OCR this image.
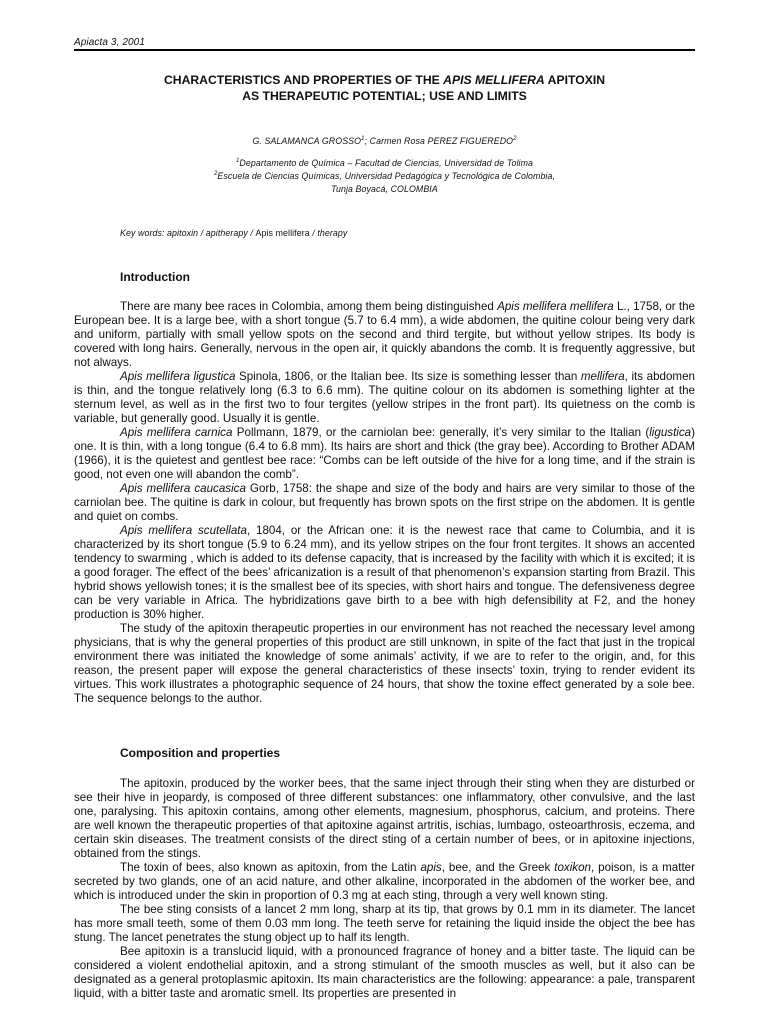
Apiacta 3, 2001
CHARACTERISTICS AND PROPERTIES OF THE APIS MELLIFERA APITOXIN
AS THERAPEUTIC POTENTIAL; USE AND LIMITS
G. SALAMANCA GROSSO$^1$; Carmen Rosa PEREZ FIGUEREDO$^2$
$^1$Departamento de Química – Facultad de Ciencias, Universidad de Tolima
$^2$Escuela de Ciencias Químicas, Universidad Pedagógica y Tecnológica de Colombia,
Tunja Boyacá, COLOMBIA
Key words: apitoxin / apitherapy / Apis mellifera / therapy
Introduction

There are many bee races in Colombia, among them being distinguished Apis mellifera mellifera L., 1758, or the European bee. It is a large bee, with a short tongue (5.7 to 6.4 mm), a wide abdomen, the quitine colour being very dark and uniform, partially with small yellow spots on the second and third tergite, but without yellow stripes. Its body is covered with long hairs. Generally, nervous in the open air, it quickly abandons the comb. It is frequently aggressive, but not always.

Apis mellifera ligustica Spinola, 1806, or the Italian bee. Its size is something lesser than mellifera, its abdomen is thin, and the tongue relatively long (6.3 to 6.6 mm). The quitine colour on its abdomen is something lighter at the sternum level, as well as in the first two to four tergites (yellow stripes in the front part). Its quietness on the comb is variable, but generally good. Usually it is gentle.

Apis mellifera carnica Pollmann, 1879, or the carniolan bee: generally, it’s very similar to the Italian (ligustica) one. It is thin, with a long tongue (6.4 to 6.8 mm). Its hairs are short and thick (the gray bee). According to Brother ADAM (1966), it is the quietest and gentlest bee race: “Combs can be left outside of the hive for a long time, and if the strain is good, not even one will abandon the comb”.

Apis mellifera caucasica Gorb, 1758: the shape and size of the body and hairs are very similar to those of the carniolan bee. The quitine is dark in colour, but frequently has brown spots on the first stripe on the abdomen. It is gentle and quiet on combs.

Apis mellifera scutellata, 1804, or the African one: it is the newest race that came to Columbia, and it is characterized by its short tongue (5.9 to 6.24 mm), and its yellow stripes on the four front tergites. It shows an accented tendency to swarming , which is added to its defense capacity, that is increased by the facility with which it is excited; it is a good forager. The effect of the bees’ africanization is a result of that phenomenon’s expansion starting from Brazil. This hybrid shows yellowish tones; it is the smallest bee of its species, with short hairs and tongue. The defensiveness degree can be very variable in Africa. The hybridizations gave birth to a bee with high defensibility at F2, and the honey production is 30% higher.

The study of the apitoxin therapeutic properties in our environment has not reached the necessary level among physicians, that is why the general properties of this product are still unknown, in spite of the fact that just in the tropical environment there was initiated the knowledge of some animals’ activity, if we are to refer to the origin, and, for this reason, the present paper will expose the general characteristics of these insects’ toxin, trying to render evident its virtues. This work illustrates a photographic sequence of 24 hours, that show the toxine effect generated by a sole bee. The sequence belongs to the author.

Composition and properties

The apitoxin, produced by the worker bees, that the same inject through their sting when they are disturbed or see their hive in jeopardy, is composed of three different substances: one inflammatory, other convulsive, and the last one, paralysing. This apitoxin contains, among other elements, magnesium, phosphorus, calcium, and proteins. There are well known the therapeutic properties of that apitoxine against artritis, ischias, lumbago, osteoarthrosis, eczema, and certain skin diseases. The treatment consists of the direct sting of a certain number of bees, or in apitoxine injections, obtained from the stings.

The toxin of bees, also known as apitoxin, from the Latin apis, bee, and the Greek toxikon, poison, is a matter secreted by two glands, one of an acid nature, and other alkaline, incorporated in the abdomen of the worker bee, and which is introduced under the skin in proportion of 0.3 mg at each sting, through a very well known sting.

The bee sting consists of a lancet 2 mm long, sharp at its tip, that grows by 0.1 mm in its diameter. The lancet has more small teeth, some of them 0.03 mm long. The teeth serve for retaining the liquid inside the object the bee has stung. The lancet penetrates the stung object up to half its length.

Bee apitoxin is a translucid liquid, with a pronounced fragrance of honey and a bitter taste. The liquid can be considered a violent endothelial apitoxin, and a strong stimulant of the smooth muscles as well, but it also can be designated as a general protoplasmic apitoxin. Its main characteristics are the following: appearance: a pale, transparent liquid, with a bitter taste and aromatic smell. Its properties are presented in
